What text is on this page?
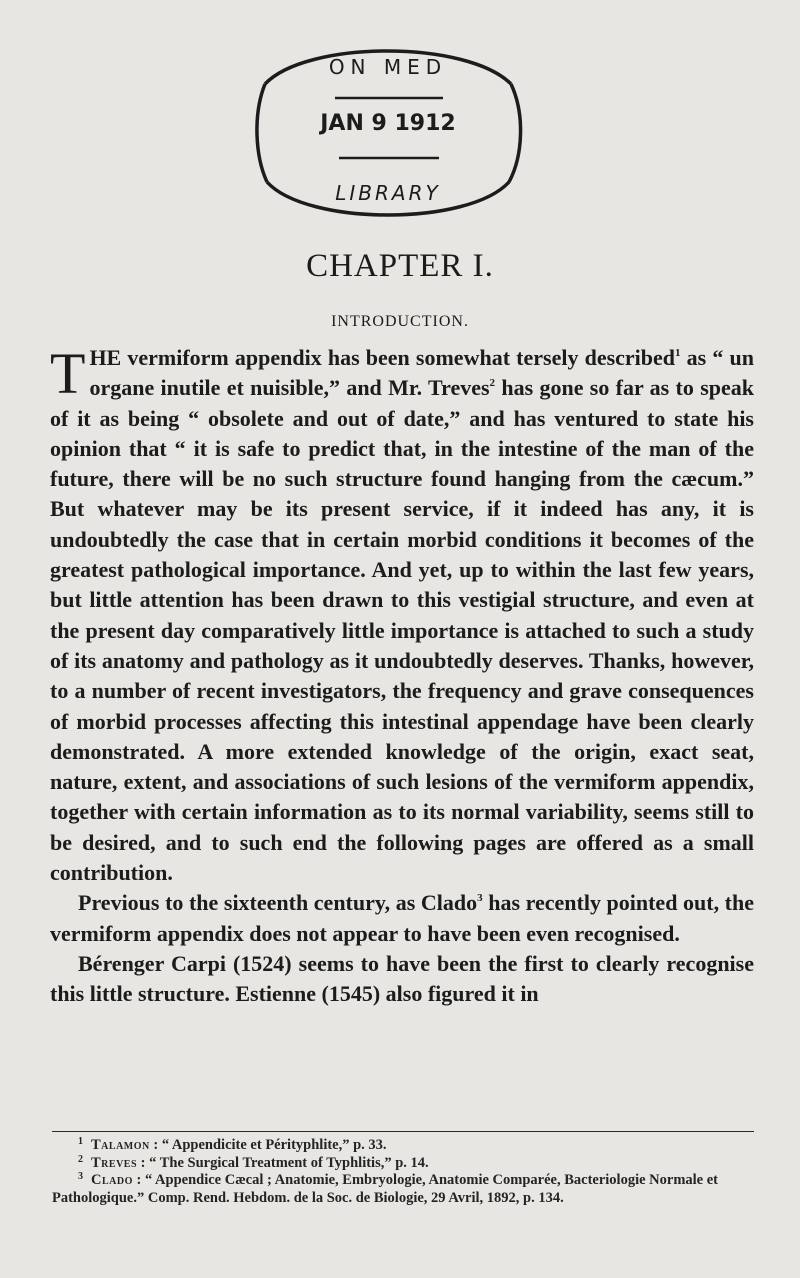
ON MED
JAN 9 1912
LIBRARY
CHAPTER I.
INTRODUCTION.

THE vermiform appendix has been somewhat tersely described$^1$ as “ un organe inutile et nuisible,” and Mr. Treves$^2$ has gone so far as to speak of it as being “ obsolete and out of date,” and has ventured to state his opinion that “ it is safe to predict that, in the intestine of the man of the future, there will be no such structure found hanging from the cæcum.” But whatever may be its present service, if it indeed has any, it is undoubtedly the case that in certain morbid conditions it becomes of the greatest pathological importance. And yet, up to within the last few years, but little attention has been drawn to this vestigial structure, and even at the present day comparatively little importance is attached to such a study of its anatomy and pathology as it undoubtedly deserves. Thanks, however, to a number of recent investigators, the frequency and grave consequences of morbid processes affecting this intestinal appendage have been clearly demonstrated. A more extended knowledge of the origin, exact seat, nature, extent, and associations of such lesions of the vermiform appendix, together with certain information as to its normal variability, seems still to be desired, and to such end the following pages are offered as a small contribution.

Previous to the sixteenth century, as Clado$^3$ has recently pointed out, the vermiform appendix does not appear to have been even recognised.

Bérenger Carpi (1524) seems to have been the first to clearly recognise this little structure. Estienne (1545) also figured it in

$^1$ Talamon : “ Appendicite et Pérityphlite,” p. 33.

$^2$ Treves : “ The Surgical Treatment of Typhlitis,” p. 14.

$^3$ Clado : “ Appendice Cæcal ; Anatomie, Embryologie, Anatomie Comparée, Bacteriologie Normale et Pathologique.” Comp. Rend. Hebdom. de la Soc. de Biologie, 29 Avril, 1892, p. 134.
